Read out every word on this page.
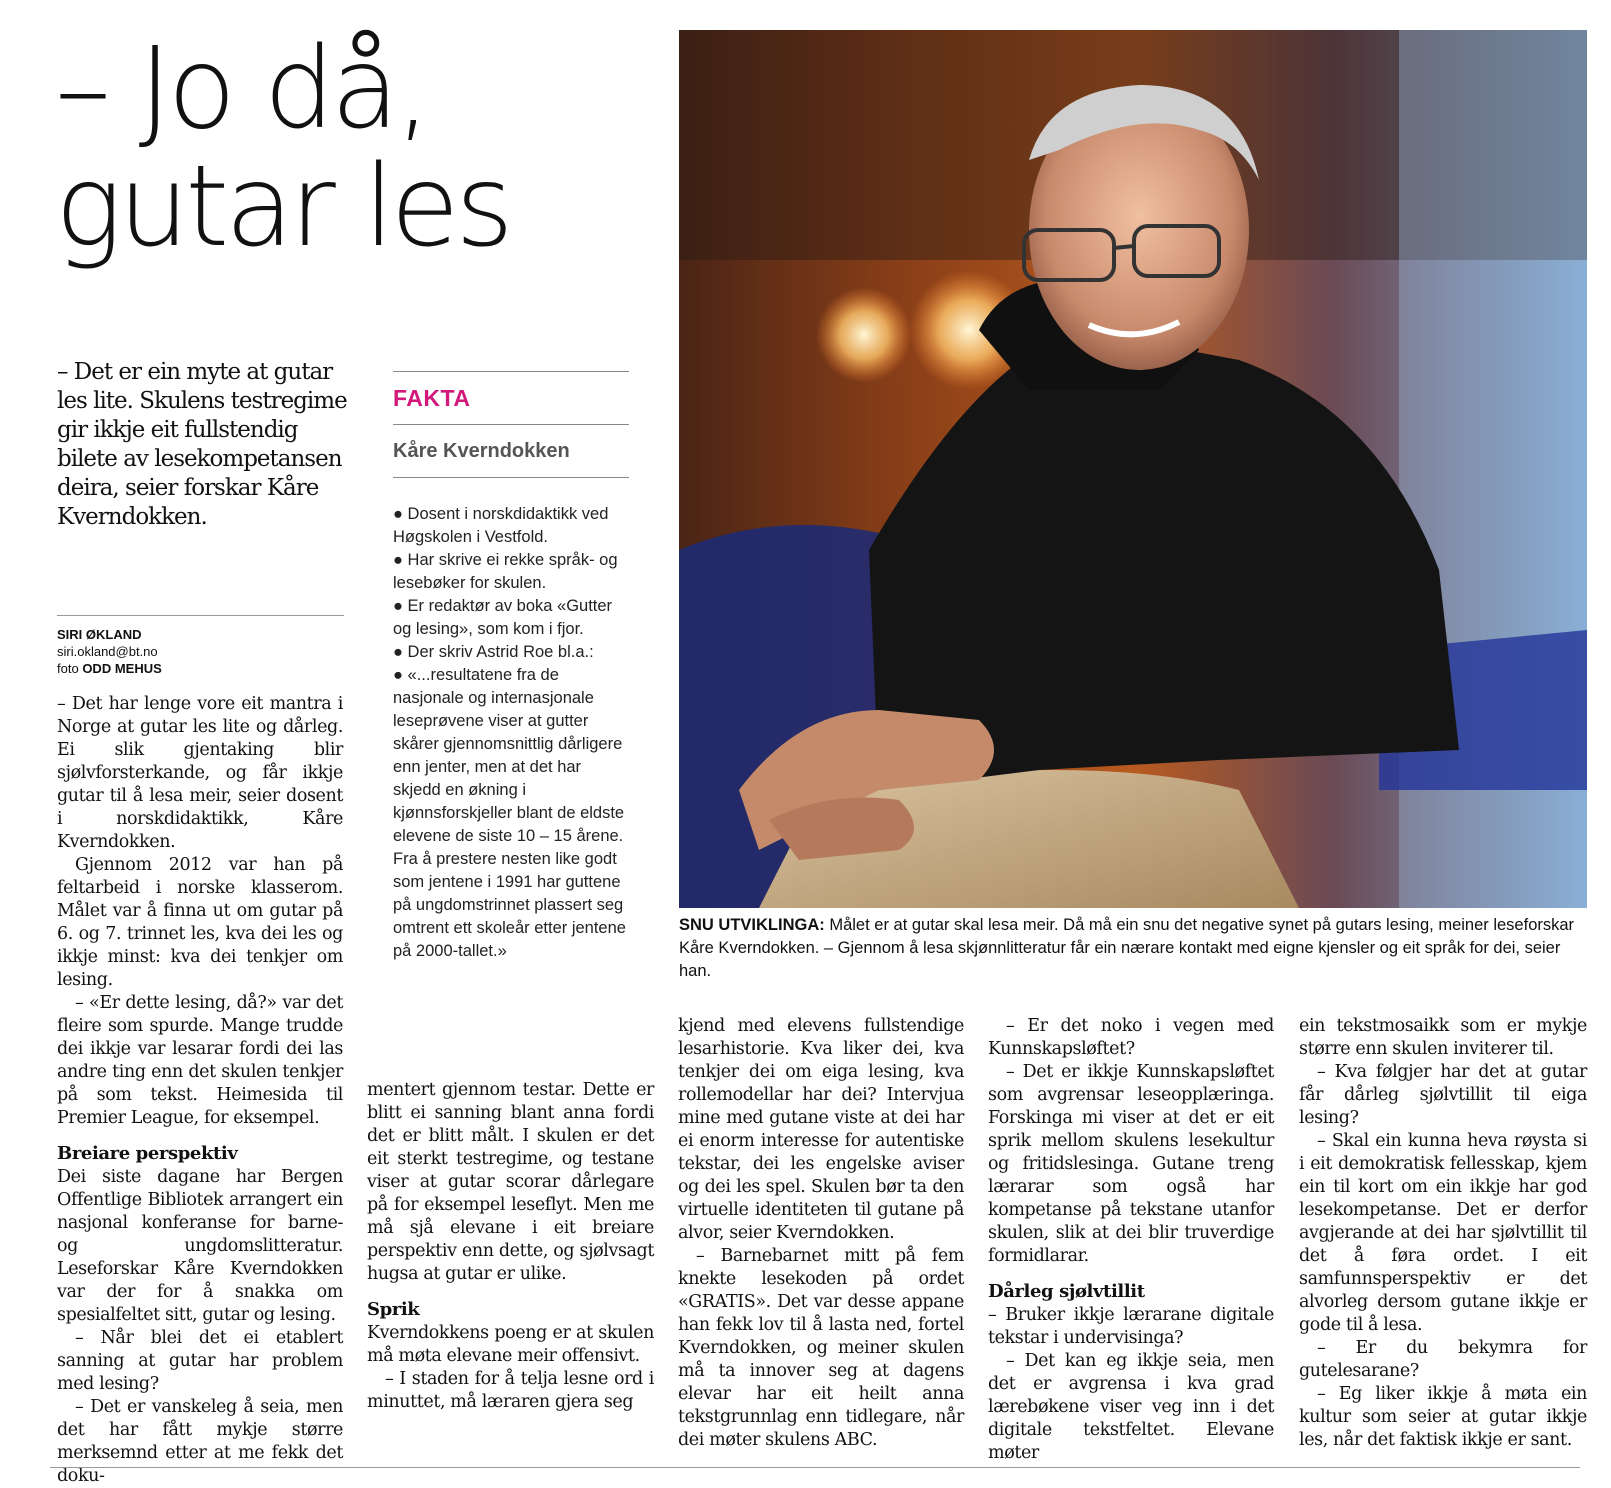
– Jo då,
gutar les

– Det er ein myte at gutar les lite. Skulens testregime gir ikkje eit fullstendig bilete av lesekompetansen deira, seier forskar Kåre Kverndokken.

SIRI ØKLAND
siri.okland@bt.no
foto ODD MEHUS

– Det har lenge vore eit mantra i Norge at gutar les lite og dårleg. Ei slik gjentaking blir sjølvforsterkande, og får ikkje gutar til å lesa meir, seier dosent i norskdidaktikk, Kåre Kverndokken.

Gjennom 2012 var han på feltarbeid i norske klasserom. Målet var å finna ut om gutar på 6. og 7. trinnet les, kva dei les og ikkje minst: kva dei tenkjer om lesing.

– «Er dette lesing, då?» var det fleire som spurde. Mange trudde dei ikkje var lesarar fordi dei las andre ting enn det skulen tenkjer på som tekst. Heimesida til Premier League, for eksempel.

Breiare perspektiv

Dei siste dagane har Bergen Offentlige Bibliotek arrangert ein nasjonal konferanse for barne- og ungdomslitteratur. Leseforskar Kåre Kverndokken var der for å snakka om spesialfeltet sitt, gutar og lesing.

– Når blei det ei etablert sanning at gutar har problem med lesing?

– Det er vanskeleg å seia, men det har fått mykje større merksemnd etter at me fekk det doku-

FAKTA
Kåre Kverndokken
● Dosent i norskdidaktikk ved Høgskolen i Vestfold.
● Har skrive ei rekke språk- og lesebøker for skulen.
● Er redaktør av boka «Gutter og lesing», som kom i fjor.
● Der skriv Astrid Roe bl.a.:
● «...resultatene fra de nasjonale og internasjonale leseprøvene viser at gutter skårer gjennomsnittlig dårligere enn jenter, men at det har skjedd en økning i kjønnsforskjeller blant de eldste elevene de siste 10 – 15 årene. Fra å prestere nesten like godt som jentene i 1991 har guttene på ungdomstrinnet plassert seg omtrent ett skoleår etter jentene på 2000-tallet.»
SNU UTVIKLINGA: Målet er at gutar skal lesa meir. Då må ein snu det negative synet på gutars lesing, meiner leseforskar Kåre Kverndokken. – Gjennom å lesa skjønnlitteratur får ein nærare kontakt med eigne kjensler og eit språk for dei, seier han.

mentert gjennom testar. Dette er blitt ei sanning blant anna fordi det er blitt målt. I skulen er det eit sterkt testregime, og testane viser at gutar scorar dårlegare på for eksempel leseflyt. Men me må sjå elevane i eit breiare perspektiv enn dette, og sjølvsagt hugsa at gutar er ulike.

Sprik

Kverndokkens poeng er at skulen må møta elevane meir offensivt.

– I staden for å telja lesne ord i minuttet, må læraren gjera seg

kjend med elevens fullstendige lesarhistorie. Kva liker dei, kva tenkjer dei om eiga lesing, kva rollemodellar har dei? Intervjua mine med gutane viste at dei har ei enorm interesse for autentiske tekstar, dei les engelske aviser og dei les spel. Skulen bør ta den virtuelle identiteten til gutane på alvor, seier Kverndokken.

– Barnebarnet mitt på fem knekte lesekoden på ordet «GRATIS». Det var desse appane han fekk lov til å lasta ned, fortel Kverndokken, og meiner skulen må ta innover seg at dagens elevar har eit heilt anna tekstgrunnlag enn tidlegare, når dei møter skulens ABC.

– Er det noko i vegen med Kunnskapsløftet?

– Det er ikkje Kunnskapsløftet som avgrensar leseopplæringa. Forskinga mi viser at det er eit sprik mellom skulens lesekultur og fritidslesinga. Gutane treng lærarar som også har kompetanse på tekstane utanfor skulen, slik at dei blir truverdige formidlarar.

Dårleg sjølvtillit

– Bruker ikkje lærarane digitale tekstar i undervisinga?

– Det kan eg ikkje seia, men det er avgrensa i kva grad lærebøkene viser veg inn i det digitale tekstfeltet. Elevane møter

ein tekstmosaikk som er mykje større enn skulen inviterer til.

– Kva følgjer har det at gutar får dårleg sjølvtillit til eiga lesing?

– Skal ein kunna heva røysta si i eit demokratisk fellesskap, kjem ein til kort om ein ikkje har god lesekompetanse. Det er derfor avgjerande at dei har sjølvtillit til det å føra ordet. I eit samfunnsperspektiv er det alvorleg dersom gutane ikkje er gode til å lesa.

– Er du bekymra for gutelesarane?

– Eg liker ikkje å møta ein kultur som seier at gutar ikkje les, når det faktisk ikkje er sant.
